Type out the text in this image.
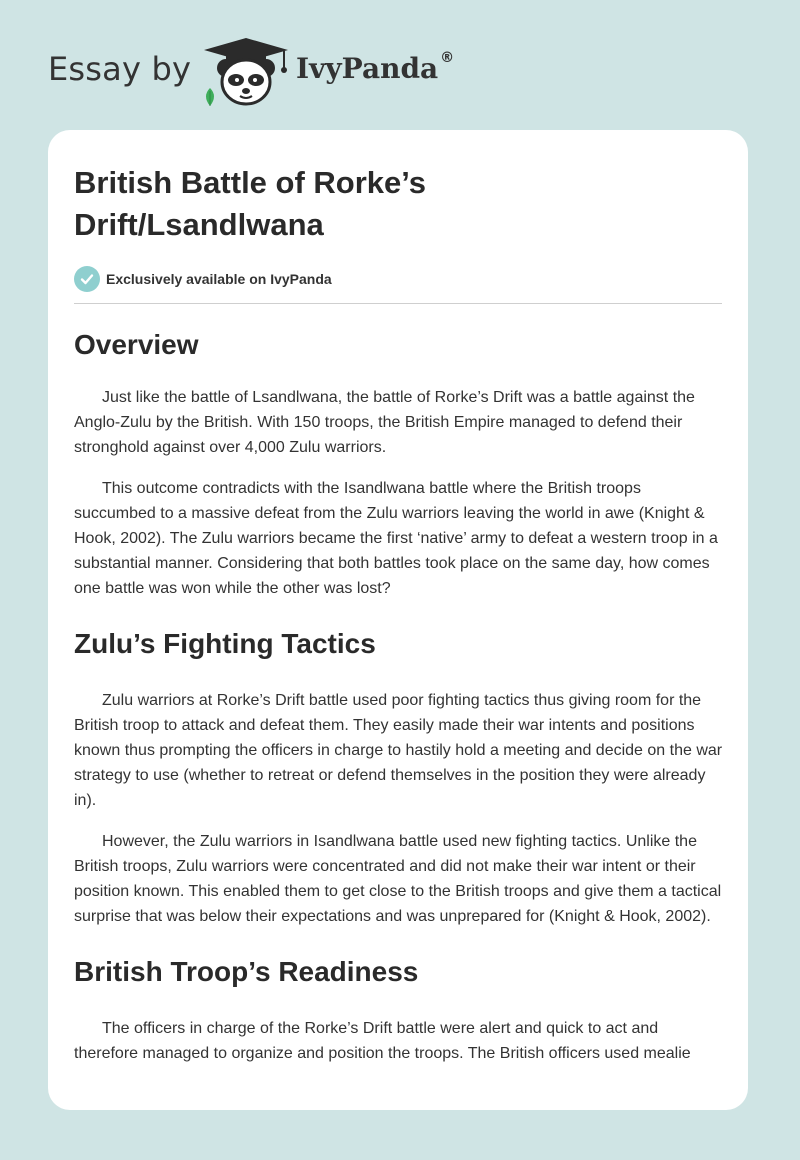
Essay by	IvyPanda ®
British Battle of Rorke’s Drift/Lsandlwana
Exclusively available on IvyPanda
Overview

Just like the battle of Lsandlwana, the battle of Rorke’s Drift was a battle against the Anglo-Zulu by the British. With 150 troops, the British Empire managed to defend their stronghold against over 4,000 Zulu warriors.

This outcome contradicts with the Isandlwana battle where the British troops succumbed to a massive defeat from the Zulu warriors leaving the world in awe (Knight & Hook, 2002). The Zulu warriors became the first ‘native’ army to defeat a western troop in a substantial manner. Considering that both battles took place on the same day, how comes one battle was won while the other was lost?

Zulu’s Fighting Tactics

Zulu warriors at Rorke’s Drift battle used poor fighting tactics thus giving room for the British troop to attack and defeat them. They easily made their war intents and positions known thus prompting the officers in charge to hastily hold a meeting and decide on the war strategy to use (whether to retreat or defend themselves in the position they were already in).

However, the Zulu warriors in Isandlwana battle used new fighting tactics. Unlike the British troops, Zulu warriors were concentrated and did not make their war intent or their position known. This enabled them to get close to the British troops and give them a tactical surprise that was below their expectations and was unprepared for (Knight & Hook, 2002).

British Troop’s Readiness

The officers in charge of the Rorke’s Drift battle were alert and quick to act and therefore managed to organize and position the troops. The British officers used mealie
